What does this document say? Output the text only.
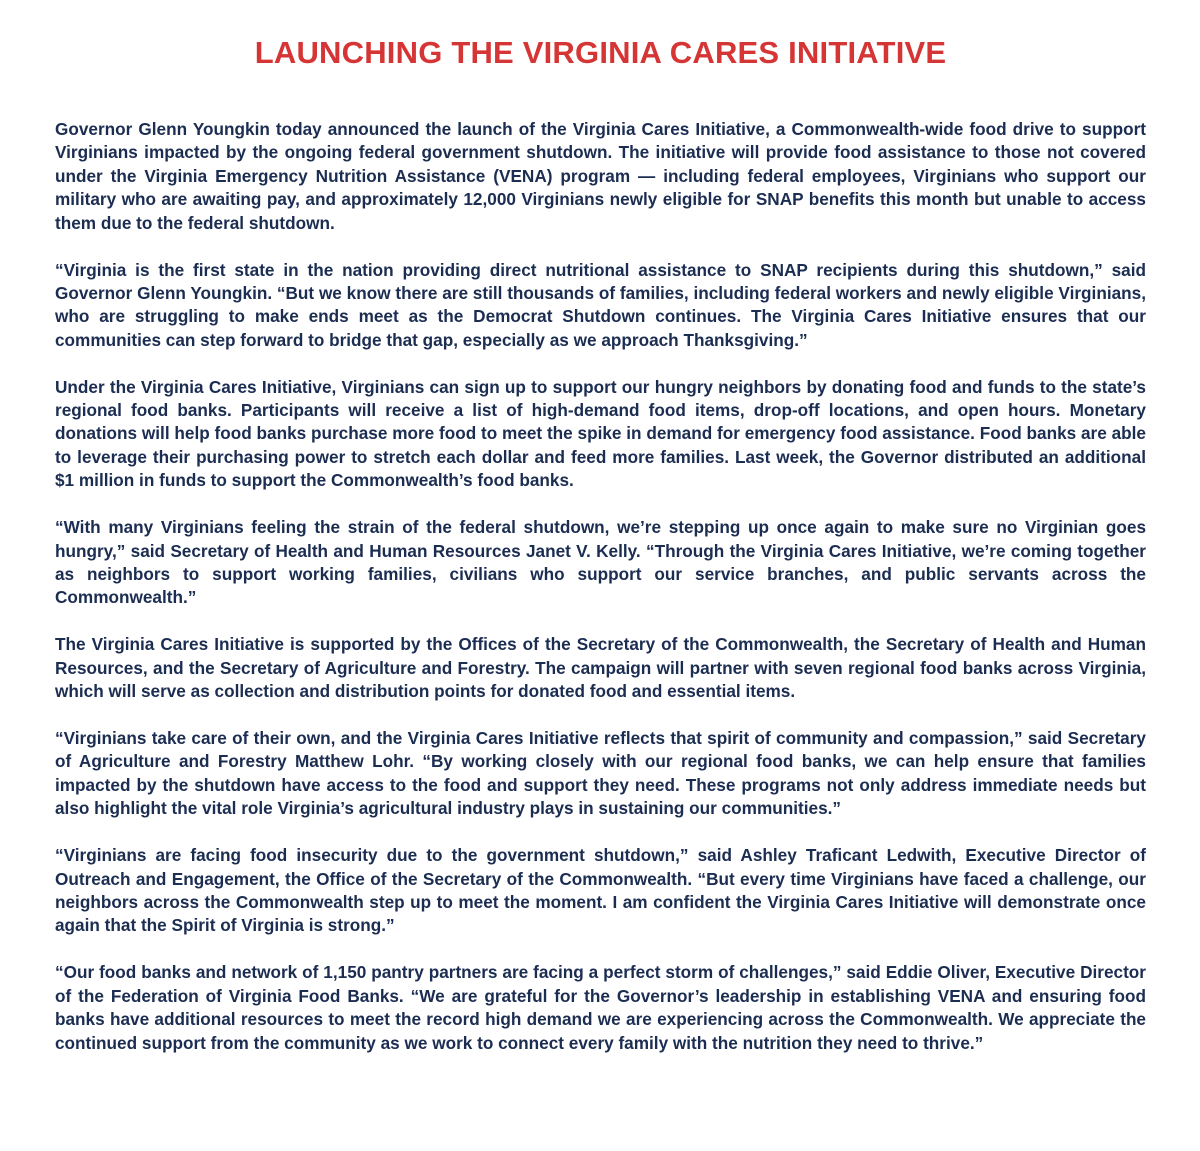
LAUNCHING THE VIRGINIA CARES INITIATIVE

Governor Glenn Youngkin today announced the launch of the Virginia Cares Initiative, a Commonwealth-wide food drive to support Virginians impacted by the ongoing federal government shutdown. The initiative will provide food assistance to those not covered under the Virginia Emergency Nutrition Assistance (VENA) program — including federal employees, Virginians who support our military who are awaiting pay, and approximately 12,000 Virginians newly eligible for SNAP benefits this month but unable to access them due to the federal shutdown.

“Virginia is the first state in the nation providing direct nutritional assistance to SNAP recipients during this shutdown,” said Governor Glenn Youngkin. “But we know there are still thousands of families, including federal workers and newly eligible Virginians, who are struggling to make ends meet as the Democrat Shutdown continues. The Virginia Cares Initiative ensures that our communities can step forward to bridge that gap, especially as we approach Thanksgiving.”

Under the Virginia Cares Initiative, Virginians can sign up to support our hungry neighbors by donating food and funds to the state’s regional food banks. Participants will receive a list of high-demand food items, drop-off locations, and open hours. Monetary donations will help food banks purchase more food to meet the spike in demand for emergency food assistance. Food banks are able to leverage their purchasing power to stretch each dollar and feed more families. Last week, the Governor distributed an additional $1 million in funds to support the Commonwealth’s food banks.

“With many Virginians feeling the strain of the federal shutdown, we’re stepping up once again to make sure no Virginian goes hungry,” said Secretary of Health and Human Resources Janet V. Kelly. “Through the Virginia Cares Initiative, we’re coming together as neighbors to support working families, civilians who support our service branches, and public servants across the Commonwealth.”

The Virginia Cares Initiative is supported by the Offices of the Secretary of the Commonwealth, the Secretary of Health and Human Resources, and the Secretary of Agriculture and Forestry. The campaign will partner with seven regional food banks across Virginia, which will serve as collection and distribution points for donated food and essential items.

“Virginians take care of their own, and the Virginia Cares Initiative reflects that spirit of community and compassion,” said Secretary of Agriculture and Forestry Matthew Lohr. “By working closely with our regional food banks, we can help ensure that families impacted by the shutdown have access to the food and support they need. These programs not only address immediate needs but also highlight the vital role Virginia’s agricultural industry plays in sustaining our communities.”

“Virginians are facing food insecurity due to the government shutdown,” said Ashley Traficant Ledwith, Executive Director of Outreach and Engagement, the Office of the Secretary of the Commonwealth. “But every time Virginians have faced a challenge, our neighbors across the Commonwealth step up to meet the moment. I am confident the Virginia Cares Initiative will demonstrate once again that the Spirit of Virginia is strong.”

“Our food banks and network of 1,150 pantry partners are facing a perfect storm of challenges,” said Eddie Oliver, Executive Director of the Federation of Virginia Food Banks. “We are grateful for the Governor’s leadership in establishing VENA and ensuring food banks have additional resources to meet the record high demand we are experiencing across the Commonwealth. We appreciate the continued support from the community as we work to connect every family with the nutrition they need to thrive.”
